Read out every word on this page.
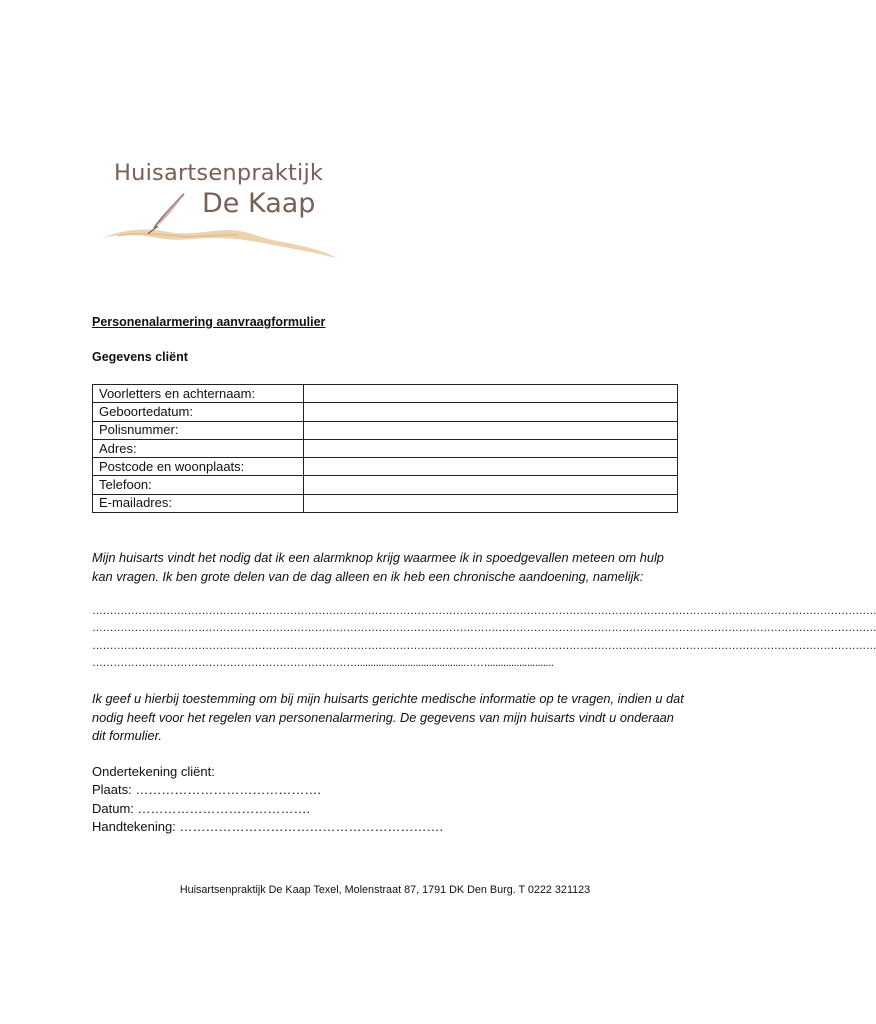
Huisartsenpraktijk
De Kaap
Personenalarmering aanvraagformulier
Gegevens cliënt
Voorletters en achternaam:	
Geboortedatum:	
Polisnummer:	
Adres:	
Postcode en woonplaats:	
Telefoon:	
E-mailadres:	
Mijn huisarts vindt het nodig dat ik een alarmknop krijg waarmee ik in spoedgevallen meteen om hulp kan vragen. Ik ben grote delen van de dag alleen en ik heb een chronische aandoening, namelijk:
……………………………………………………………………………………………………………………………………………………………………………………………………
……………………………………………………………………………………………………………………………………………………………………………………………………
……………………………………………………………………………………………………………………………………………………………………………………………………
………………………………………………………………….........................................…….........................
Ik geef u hierbij toestemming om bij mijn huisarts gerichte medische informatie op te vragen, indien u dat nodig heeft voor het regelen van personenalarmering. De gegevens van mijn huisarts vindt u onderaan dit formulier.
Ondertekening cliënt:
Plaats: …………………………………….
Datum: ………………………………….
Handtekening: …………………………………………………….
Huisartsenpraktijk De Kaap Texel, Molenstraat 87, 1791 DK Den Burg. T 0222 321123
